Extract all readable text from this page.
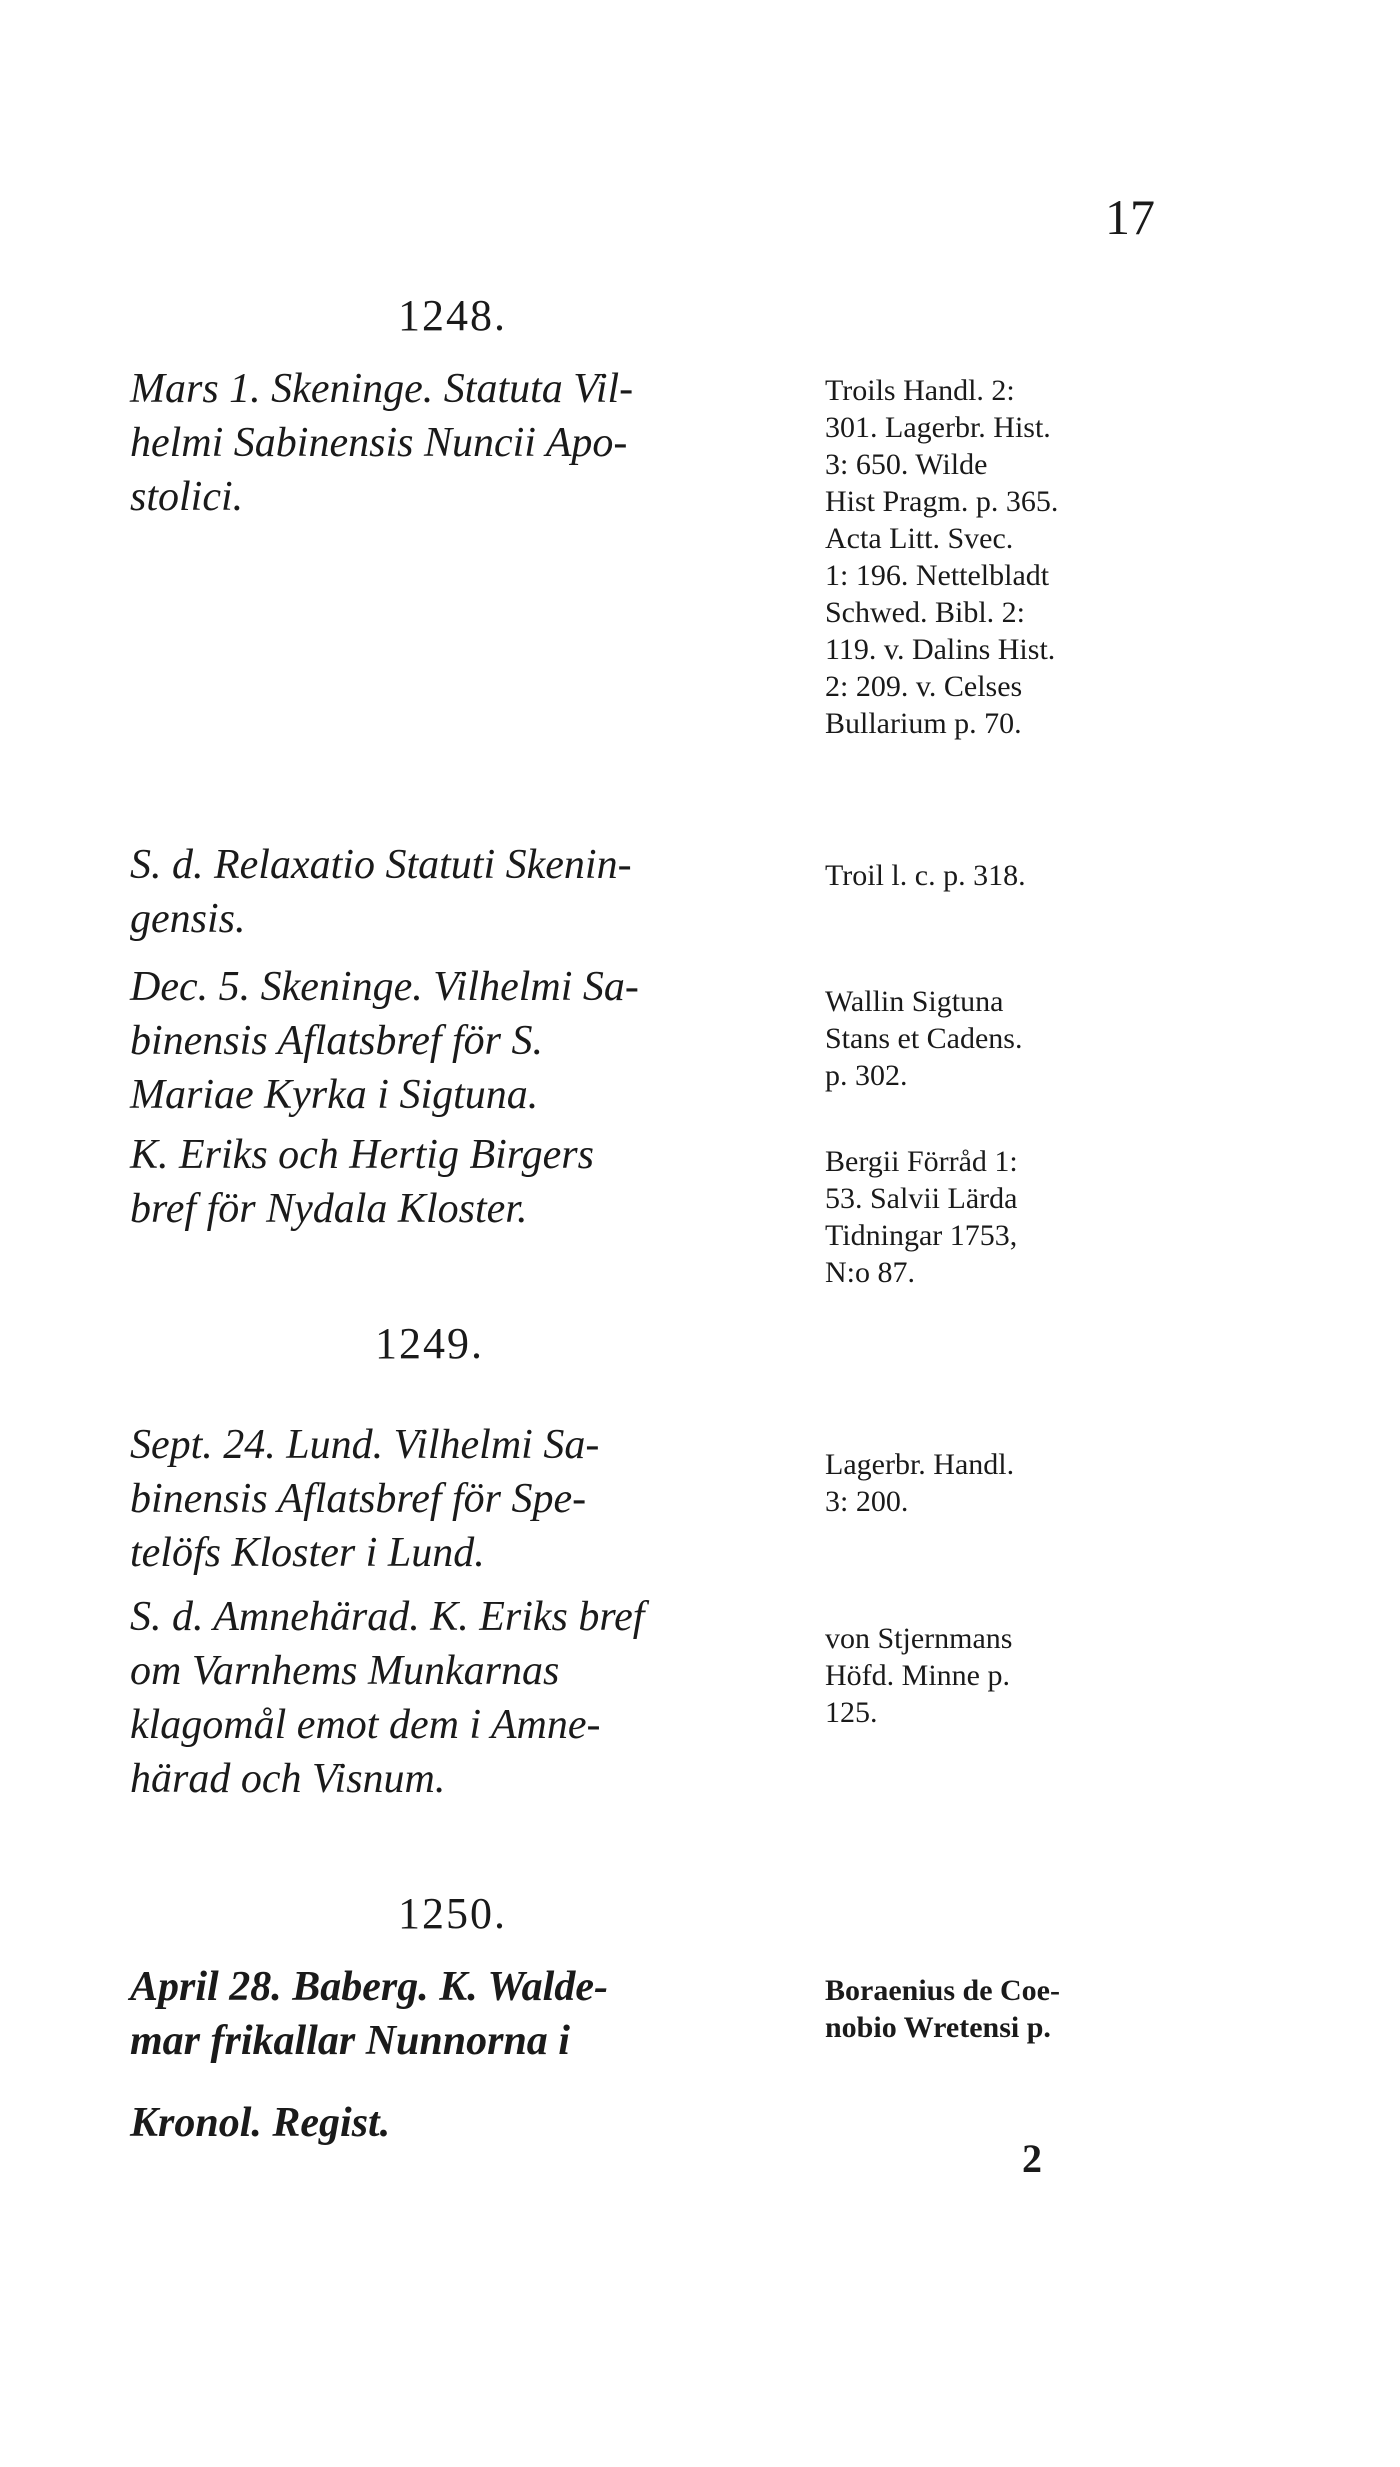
17
1248.
Mars 1. Skeninge. Statuta Vil-
helmi Sabinensis Nuncii Apo-
stolici.
Troils Handl. 2:
301. Lagerbr. Hist.
3: 650. Wilde
Hist Pragm. p. 365.
Acta Litt. Svec.
1: 196. Nettelbladt
Schwed. Bibl. 2:
119. v. Dalins Hist.
2: 209. v. Celses
Bullarium p. 70.
S. d. Relaxatio Statuti Skenin-
gensis.
Troil l. c. p. 318.
Dec. 5. Skeninge. Vilhelmi Sa-
binensis Aflatsbref för S.
Mariae Kyrka i Sigtuna.
Wallin Sigtuna
Stans et Cadens.
p. 302.
K. Eriks och Hertig Birgers
bref för Nydala Kloster.
Bergii Förråd 1:
53. Salvii Lärda
Tidningar 1753,
N:o 87.
1249.
Sept. 24. Lund. Vilhelmi Sa-
binensis Aflatsbref för Spe-
telöfs Kloster i Lund.
Lagerbr. Handl.
3: 200.
S. d. Amnehärad. K. Eriks bref
om Varnhems Munkarnas
klagomål emot dem i Amne-
härad och Visnum.
von Stjernmans
Höfd. Minne p.
125.
1250.
April 28. Baberg. K. Walde-
mar frikallar Nunnorna i
Kronol. Regist.
Boraenius de Coe-
nobio Wretensi p.
2
